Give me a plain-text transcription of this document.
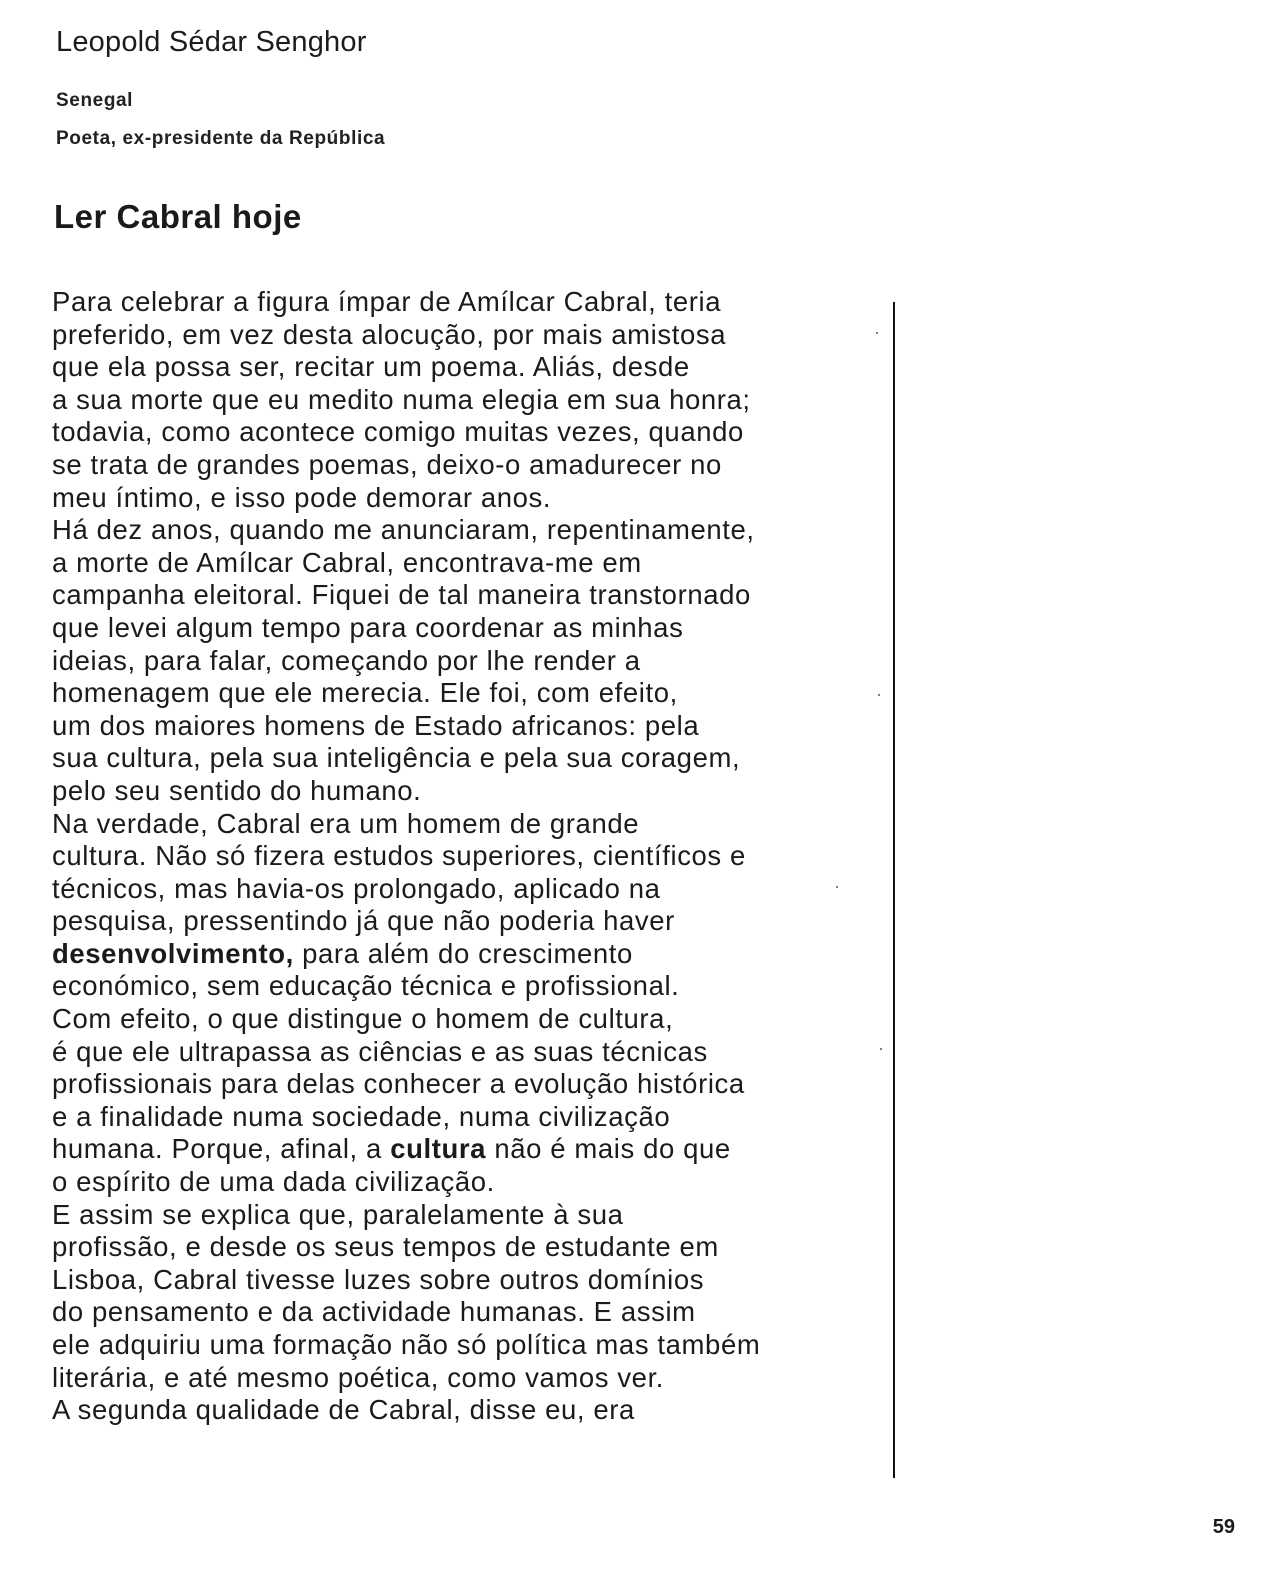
Leopold Sédar Senghor
Senegal
Poeta, ex-presidente da República
Ler Cabral hoje
Para celebrar a figura ímpar de Amílcar Cabral, teria
preferido, em vez desta alocução, por mais amistosa
que ela possa ser, recitar um poema. Aliás, desde
a sua morte que eu medito numa elegia em sua honra;
todavia, como acontece comigo muitas vezes, quando
se trata de grandes poemas, deixo-o amadurecer no
meu íntimo, e isso pode demorar anos.
Há dez anos, quando me anunciaram, repentinamente,
a morte de Amílcar Cabral, encontrava-me em
campanha eleitoral. Fiquei de tal maneira transtornado
que levei algum tempo para coordenar as minhas
ideias, para falar, começando por lhe render a
homenagem que ele merecia. Ele foi, com efeito,
um dos maiores homens de Estado africanos: pela
sua cultura, pela sua inteligência e pela sua coragem,
pelo seu sentido do humano.
Na verdade, Cabral era um homem de grande
cultura. Não só fizera estudos superiores, científicos e
técnicos, mas havia-os prolongado, aplicado na
pesquisa, pressentindo já que não poderia haver
desenvolvimento, para além do crescimento
económico, sem educação técnica e profissional.
Com efeito, o que distingue o homem de cultura,
é que ele ultrapassa as ciências e as suas técnicas
profissionais para delas conhecer a evolução histórica
e a finalidade numa sociedade, numa civilização
humana. Porque, afinal, a cultura não é mais do que
o espírito de uma dada civilização.
E assim se explica que, paralelamente à sua
profissão, e desde os seus tempos de estudante em
Lisboa, Cabral tivesse luzes sobre outros domínios
do pensamento e da actividade humanas. E assim
ele adquiriu uma formação não só política mas também
literária, e até mesmo poética, como vamos ver.
A segunda qualidade de Cabral, disse eu, era
59
